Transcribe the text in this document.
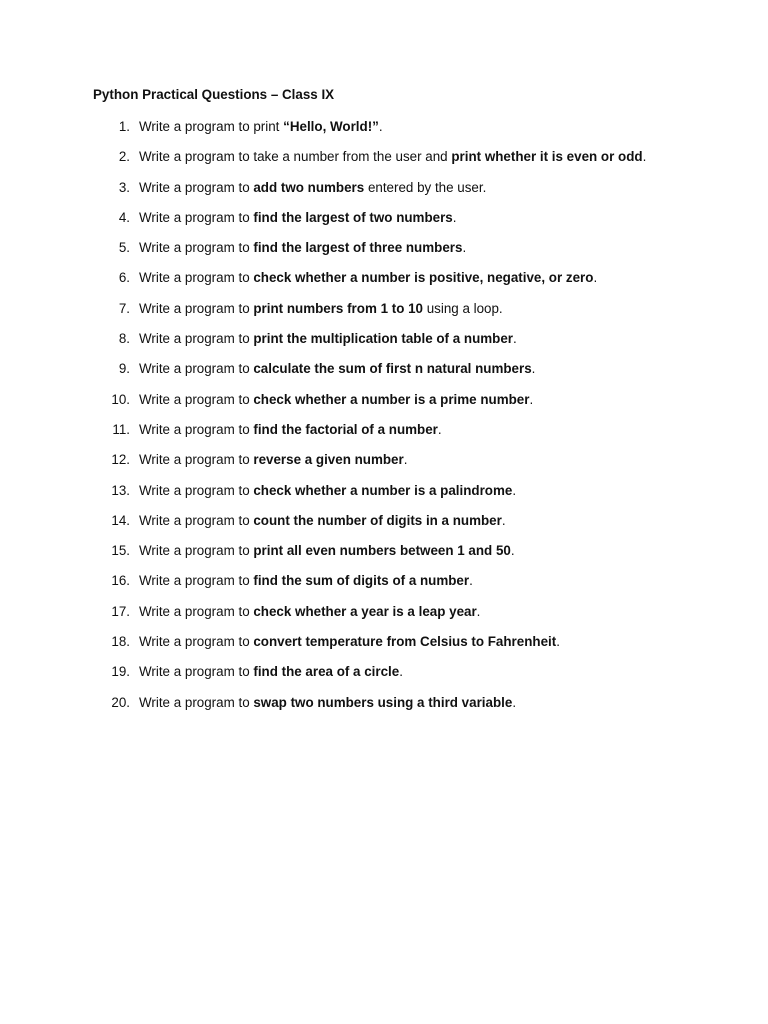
Python Practical Questions – Class IX
1. Write a program to print “Hello, World!”.
2. Write a program to take a number from the user and print whether it is even or odd.
3. Write a program to add two numbers entered by the user.
4. Write a program to find the largest of two numbers.
5. Write a program to find the largest of three numbers.
6. Write a program to check whether a number is positive, negative, or zero.
7. Write a program to print numbers from 1 to 10 using a loop.
8. Write a program to print the multiplication table of a number.
9. Write a program to calculate the sum of first n natural numbers.
10. Write a program to check whether a number is a prime number.
11. Write a program to find the factorial of a number.
12. Write a program to reverse a given number.
13. Write a program to check whether a number is a palindrome.
14. Write a program to count the number of digits in a number.
15. Write a program to print all even numbers between 1 and 50.
16. Write a program to find the sum of digits of a number.
17. Write a program to check whether a year is a leap year.
18. Write a program to convert temperature from Celsius to Fahrenheit.
19. Write a program to find the area of a circle.
20. Write a program to swap two numbers using a third variable.
